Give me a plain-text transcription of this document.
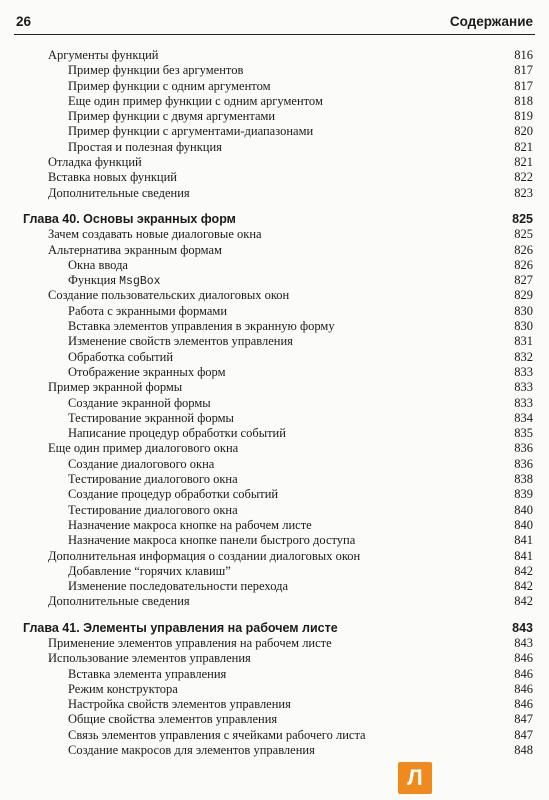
26	Содержание
Аргументы функций	816
Пример функции без аргументов	817
Пример функции с одним аргументом	817
Еще один пример функции с одним аргументом	818
Пример функции с двумя аргументами	819
Пример функции с аргументами-диапазонами	820
Простая и полезная функция	821
Отладка функций	821
Вставка новых функций	822
Дополнительные сведения	823
Глава 40. Основы экранных форм	825
Зачем создавать новые диалоговые окна	825
Альтернатива экранным формам	826
Окна ввода	826
Функция MsgBox	827
Создание пользовательских диалоговых окон	829
Работа с экранными формами	830
Вставка элементов управления в экранную форму	830
Изменение свойств элементов управления	831
Обработка событий	832
Отображение экранных форм	833
Пример экранной формы	833
Создание экранной формы	833
Тестирование экранной формы	834
Написание процедур обработки событий	835
Еще один пример диалогового окна	836
Создание диалогового окна	836
Тестирование диалогового окна	838
Создание процедур обработки событий	839
Тестирование диалогового окна	840
Назначение макроса кнопке на рабочем листе	840
Назначение макроса кнопке панели быстрого доступа	841
Дополнительная информация о создании диалоговых окон	841
Добавление “горячих клавиш”	842
Изменение последовательности перехода	842
Дополнительные сведения	842
Глава 41. Элементы управления на рабочем листе	843
Применение элементов управления на рабочем листе	843
Использование элементов управления	846
Вставка элемента управления	846
Режим конструктора	846
Настройка свойств элементов управления	846
Общие свойства элементов управления	847
Связь элементов управления с ячейками рабочего листа	847
Создание макросов для элементов управления	848
Л
